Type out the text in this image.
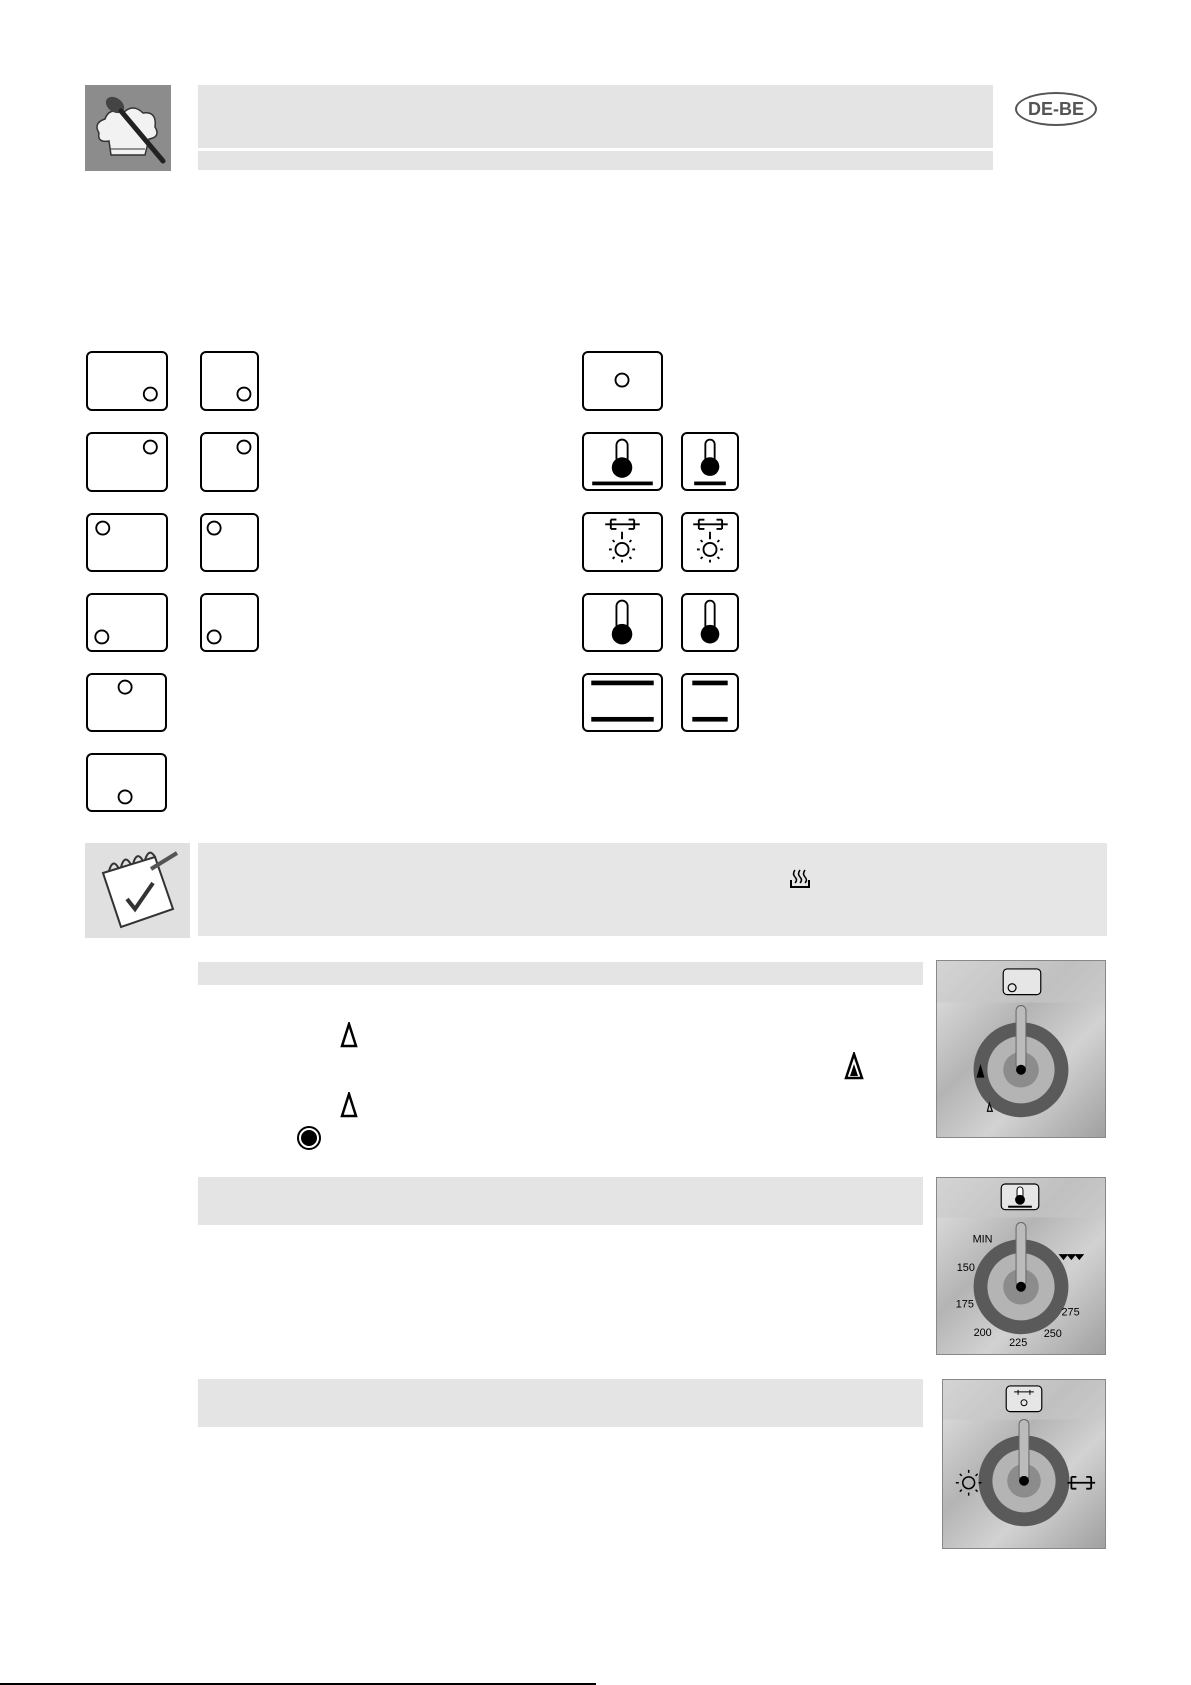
DE-BE
MIN
150
175
200
225
250
275
